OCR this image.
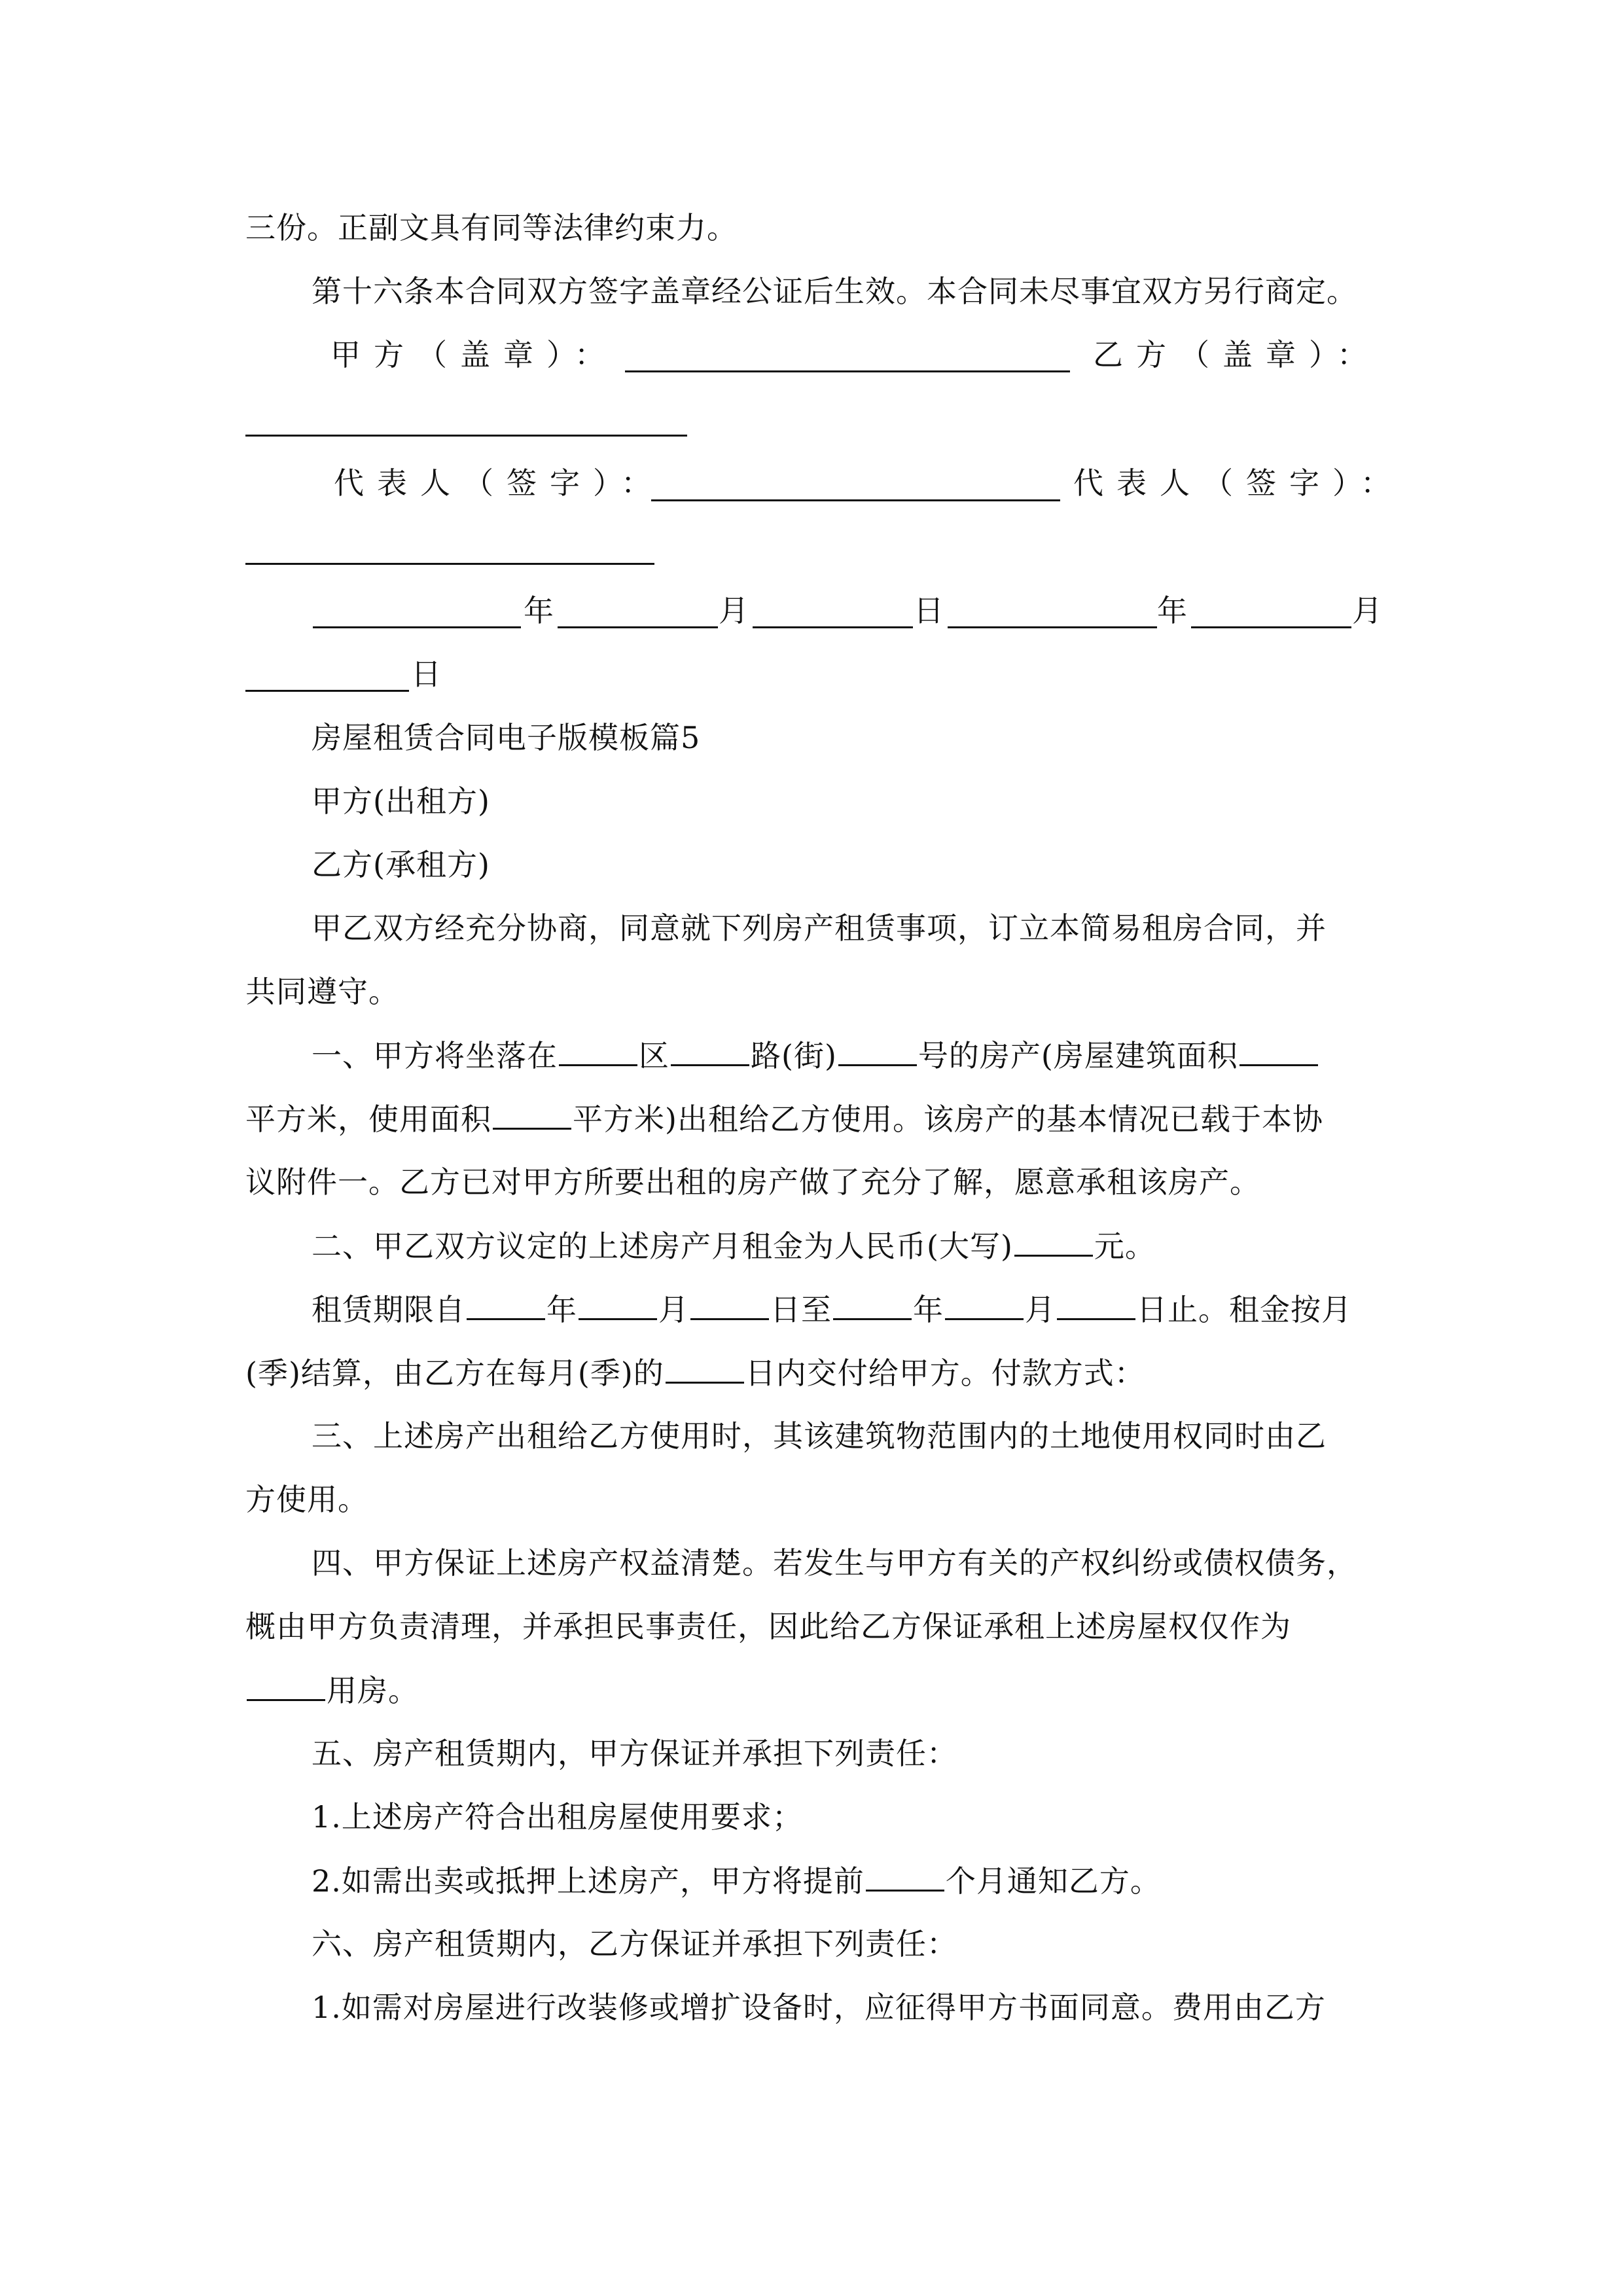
三份。正副文具有同等法律约束力。
第十六条本合同双方签字盖章经公证后生效。本合同未尽事宜双方另行商定。
甲方（盖章）：	乙方（盖章）：
代表人（签字）：	代表人（签字）：
年	月	日	年	月
日
房屋租赁合同电子版模板篇5
甲方(出租方)
乙方(承租方)
甲乙双方经充分协商，同意就下列房产租赁事项，订立本简易租房合同，并
共同遵守。
一、甲方将坐落在	区	路(街)	号的房产(房屋建筑面积
平方米，使用面积	平方米)出租给乙方使用。该房产的基本情况已载于本协
议附件一。乙方已对甲方所要出租的房产做了充分了解，愿意承租该房产。
二、甲乙双方议定的上述房产月租金为人民币(大写)	元。
租赁期限自	年	月	日至	年	月	日止。租金按月
(季)结算，由乙方在每月(季)的	日内交付给甲方。付款方式：
三、上述房产出租给乙方使用时，其该建筑物范围内的土地使用权同时由乙
方使用。
四、甲方保证上述房产权益清楚。若发生与甲方有关的产权纠纷或债权债务，
概由甲方负责清理，并承担民事责任，因此给乙方保证承租上述房屋权仅作为
用房。
五、房产租赁期内，甲方保证并承担下列责任：
1.上述房产符合出租房屋使用要求；
2.如需出卖或抵押上述房产，甲方将提前	个月通知乙方。
六、房产租赁期内，乙方保证并承担下列责任：
1.如需对房屋进行改装修或增扩设备时，应征得甲方书面同意。费用由乙方
